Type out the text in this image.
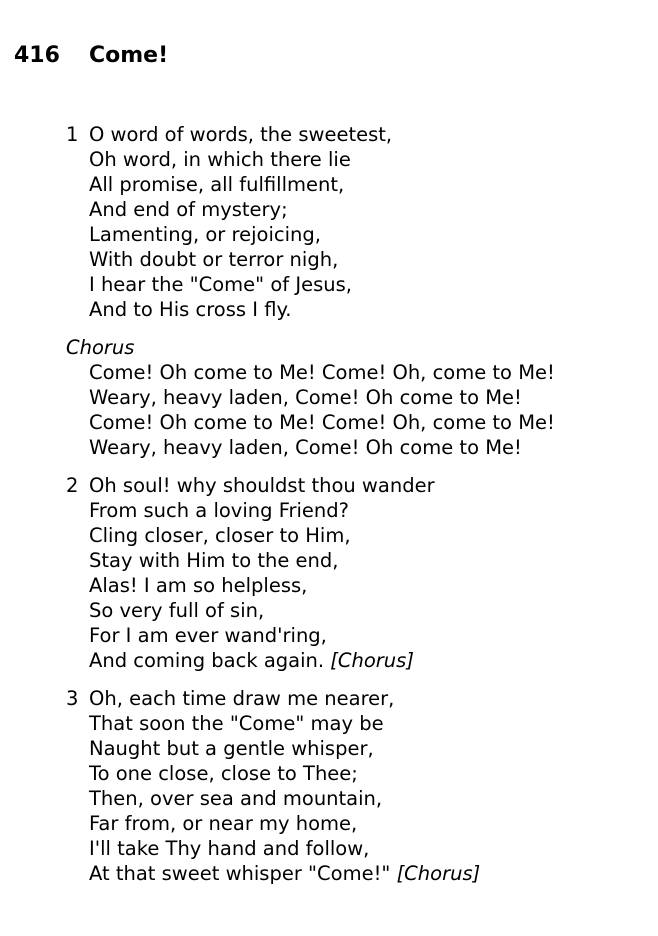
416 Come!
1 O word of words, the sweetest,
Oh word, in which there lie
All promise, all fulfillment,
And end of mystery;
Lamenting, or rejoicing,
With doubt or terror nigh,
I hear the "Come" of Jesus,
And to His cross I fly.
Chorus
Come! Oh come to Me! Come! Oh, come to Me!
Weary, heavy laden, Come! Oh come to Me!
Come! Oh come to Me! Come! Oh, come to Me!
Weary, heavy laden, Come! Oh come to Me!
2 Oh soul! why shouldst thou wander
From such a loving Friend?
Cling closer, closer to Him,
Stay with Him to the end,
Alas! I am so helpless,
So very full of sin,
For I am ever wand'ring,
And coming back again. [Chorus]
3 Oh, each time draw me nearer,
That soon the "Come" may be
Naught but a gentle whisper,
To one close, close to Thee;
Then, over sea and mountain,
Far from, or near my home,
I'll take Thy hand and follow,
At that sweet whisper "Come!" [Chorus]
